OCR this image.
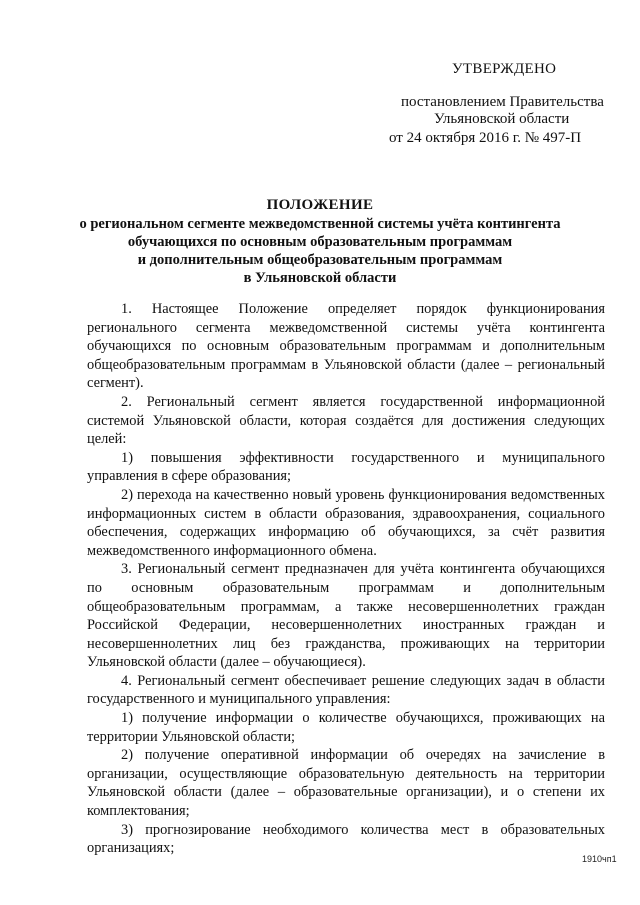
УТВЕРЖДЕНО
постановлением Правительства
Ульяновской области
от 24 октября 2016 г. № 497-П
ПОЛОЖЕНИЕ
о региональном сегменте межведомственной системы учёта контингента
обучающихся по основным образовательным программам
и дополнительным общеобразовательным программам
в Ульяновской области

1. Настоящее Положение определяет порядок функционирования регионального сегмента межведомственной системы учёта контингента обучающихся по основным образовательным программам и дополнительным общеобразовательным программам в Ульяновской области (далее – региональный сегмент).

2. Региональный сегмент является государственной информационной системой Ульяновской области, которая создаётся для достижения следующих целей:

1) повышения эффективности государственного и муниципального управления в сфере образования;

2) перехода на качественно новый уровень функционирования ведомственных информационных систем в области образования, здравоохранения, социального обеспечения, содержащих информацию об обучающихся, за счёт развития межведомственного информационного обмена.

3. Региональный сегмент предназначен для учёта контингента обучающихся по основным образовательным программам и дополнительным общеобразовательным программам, а также несовершеннолетних граждан Российской Федерации, несовершеннолетних иностранных граждан и несовершеннолетних лиц без гражданства, проживающих на территории Ульяновской области (далее – обучающиеся).

4. Региональный сегмент обеспечивает решение следующих задач в области государственного и муниципального управления:

1) получение информации о количестве обучающихся, проживающих на территории Ульяновской области;

2) получение оперативной информации об очередях на зачисление в организации, осуществляющие образовательную деятельность на территории Ульяновской области (далее – образовательные организации), и о степени их комплектования;

3) прогнозирование необходимого количества мест в образовательных организациях;

1910чп1
